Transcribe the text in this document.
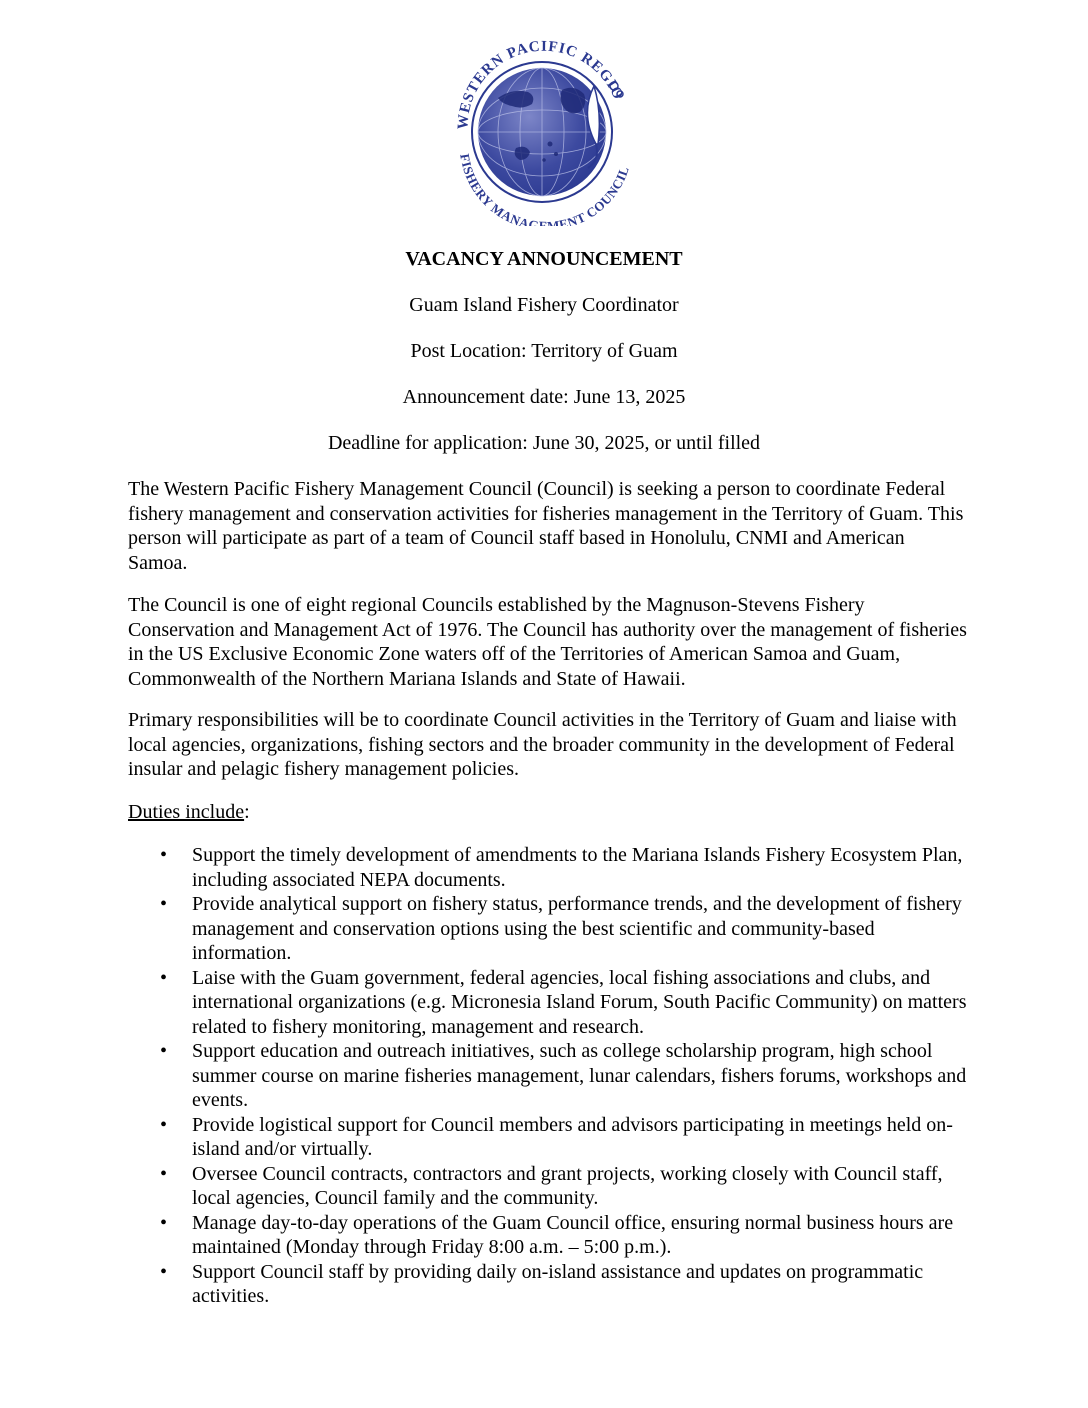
WESTERN PACIFIC REGIO
FISHERY MANAGEMENT COUNCIL
VACANCY ANNOUNCEMENT
Guam Island Fishery Coordinator
Post Location: Territory of Guam
Announcement date: June 13, 2025
Deadline for application: June 30, 2025, or until filled
The Western Pacific Fishery Management Council (Council) is seeking a person to coordinate Federal fishery management and conservation activities for fisheries management in the Territory of Guam. This person will participate as part of a team of Council staff based in Honolulu, CNMI and American Samoa.
The Council is one of eight regional Councils established by the Magnuson-Stevens Fishery Conservation and Management Act of 1976. The Council has authority over the management of fisheries in the US Exclusive Economic Zone waters off of the Territories of American Samoa and Guam, Commonwealth of the Northern Mariana Islands and State of Hawaii.
Primary responsibilities will be to coordinate Council activities in the Territory of Guam and liaise with local agencies, organizations, fishing sectors and the broader community in the development of Federal insular and pelagic fishery management policies.
Duties include:
• Support the timely development of amendments to the Mariana Islands Fishery Ecosystem Plan, including associated NEPA documents.
• Provide analytical support on fishery status, performance trends, and the development of fishery management and conservation options using the best scientific and community-based information.
• Laise with the Guam government, federal agencies, local fishing associations and clubs, and international organizations (e.g. Micronesia Island Forum, South Pacific Community) on matters related to fishery monitoring, management and research.
• Support education and outreach initiatives, such as college scholarship program, high school summer course on marine fisheries management, lunar calendars, fishers forums, workshops and events.
• Provide logistical support for Council members and advisors participating in meetings held on-island and/or virtually.
• Oversee Council contracts, contractors and grant projects, working closely with Council staff, local agencies, Council family and the community.
• Manage day-to-day operations of the Guam Council office, ensuring normal business hours are maintained (Monday through Friday 8:00 a.m. – 5:00 p.m.).
• Support Council staff by providing daily on-island assistance and updates on programmatic activities.
